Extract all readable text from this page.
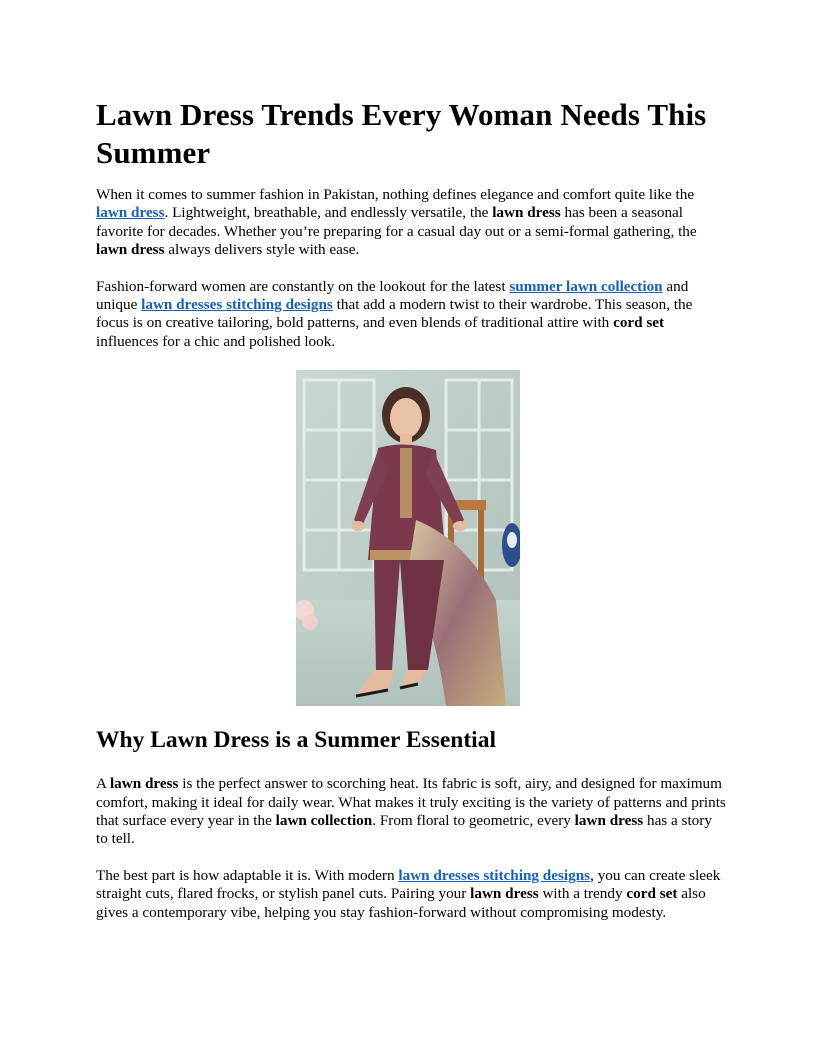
Lawn Dress Trends Every Woman Needs This Summer

When it comes to summer fashion in Pakistan, nothing defines elegance and comfort quite like the lawn dress. Lightweight, breathable, and endlessly versatile, the lawn dress has been a seasonal favorite for decades. Whether you’re preparing for a casual day out or a semi-formal gathering, the lawn dress always delivers style with ease.

Fashion-forward women are constantly on the lookout for the latest summer lawn collection and unique lawn dresses stitching designs that add a modern twist to their wardrobe. This season, the focus is on creative tailoring, bold patterns, and even blends of traditional attire with cord set influences for a chic and polished look.

Why Lawn Dress is a Summer Essential

A lawn dress is the perfect answer to scorching heat. Its fabric is soft, airy, and designed for maximum comfort, making it ideal for daily wear. What makes it truly exciting is the variety of patterns and prints that surface every year in the lawn collection. From floral to geometric, every lawn dress has a story to tell.

The best part is how adaptable it is. With modern lawn dresses stitching designs, you can create sleek straight cuts, flared frocks, or stylish panel cuts. Pairing your lawn dress with a trendy cord set also gives a contemporary vibe, helping you stay fashion-forward without compromising modesty.
